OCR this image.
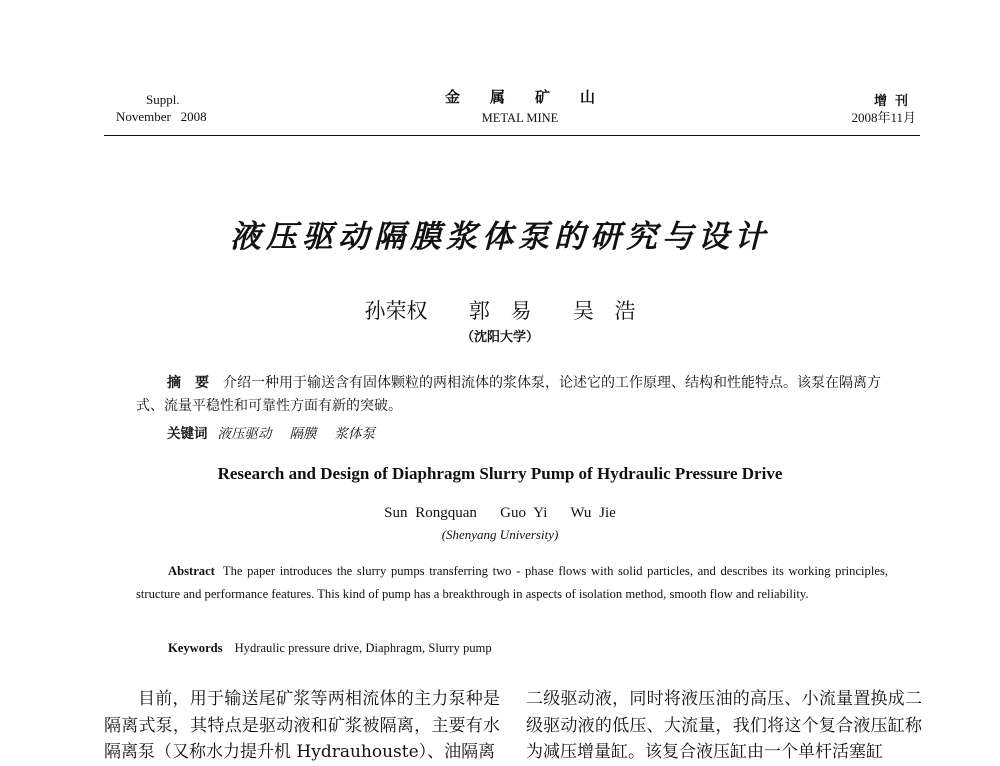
Suppl.
November   2008
金属矿山
METAL MINE
增刊
2008年11月
液压驱动隔膜浆体泵的研究与设计
孙荣权  郭 易  吴 浩
（沈阳大学）

摘要介绍一种用于输送含有固体颗粒的两相流体的浆体泵，论述它的工作原理、结构和性能特点。该泵在隔离方式、流量平稳性和可靠性方面有新的突破。

关键词 液压驱动 隔膜 浆体泵
Research and Design of Diaphragm Slurry Pump of Hydraulic Pressure Drive
Sun Rongquan   Guo Yi   Wu Jie
(Shenyang University)

Abstract The paper introduces the slurry pumps transferring two - phase flows with solid particles, and describes its working principles, structure and performance features. This kind of pump has a breakthrough in aspects of isolation method, smooth flow and reliability.

Keywords Hydraulic pressure drive, Diaphragm, Slurry pump

目前，用于输送尾矿浆等两相流体的主力泵种是隔离式泵，其特点是驱动液和矿浆被隔离，主要有水隔离泵（又称水力提升机 Hydrauhouste）、油隔离

二级驱动液，同时将液压油的高压、小流量置换成二级驱动液的低压、大流量，我们将这个复合液压缸称为减压增量缸。该复合液压缸由一个单杆活塞缸
